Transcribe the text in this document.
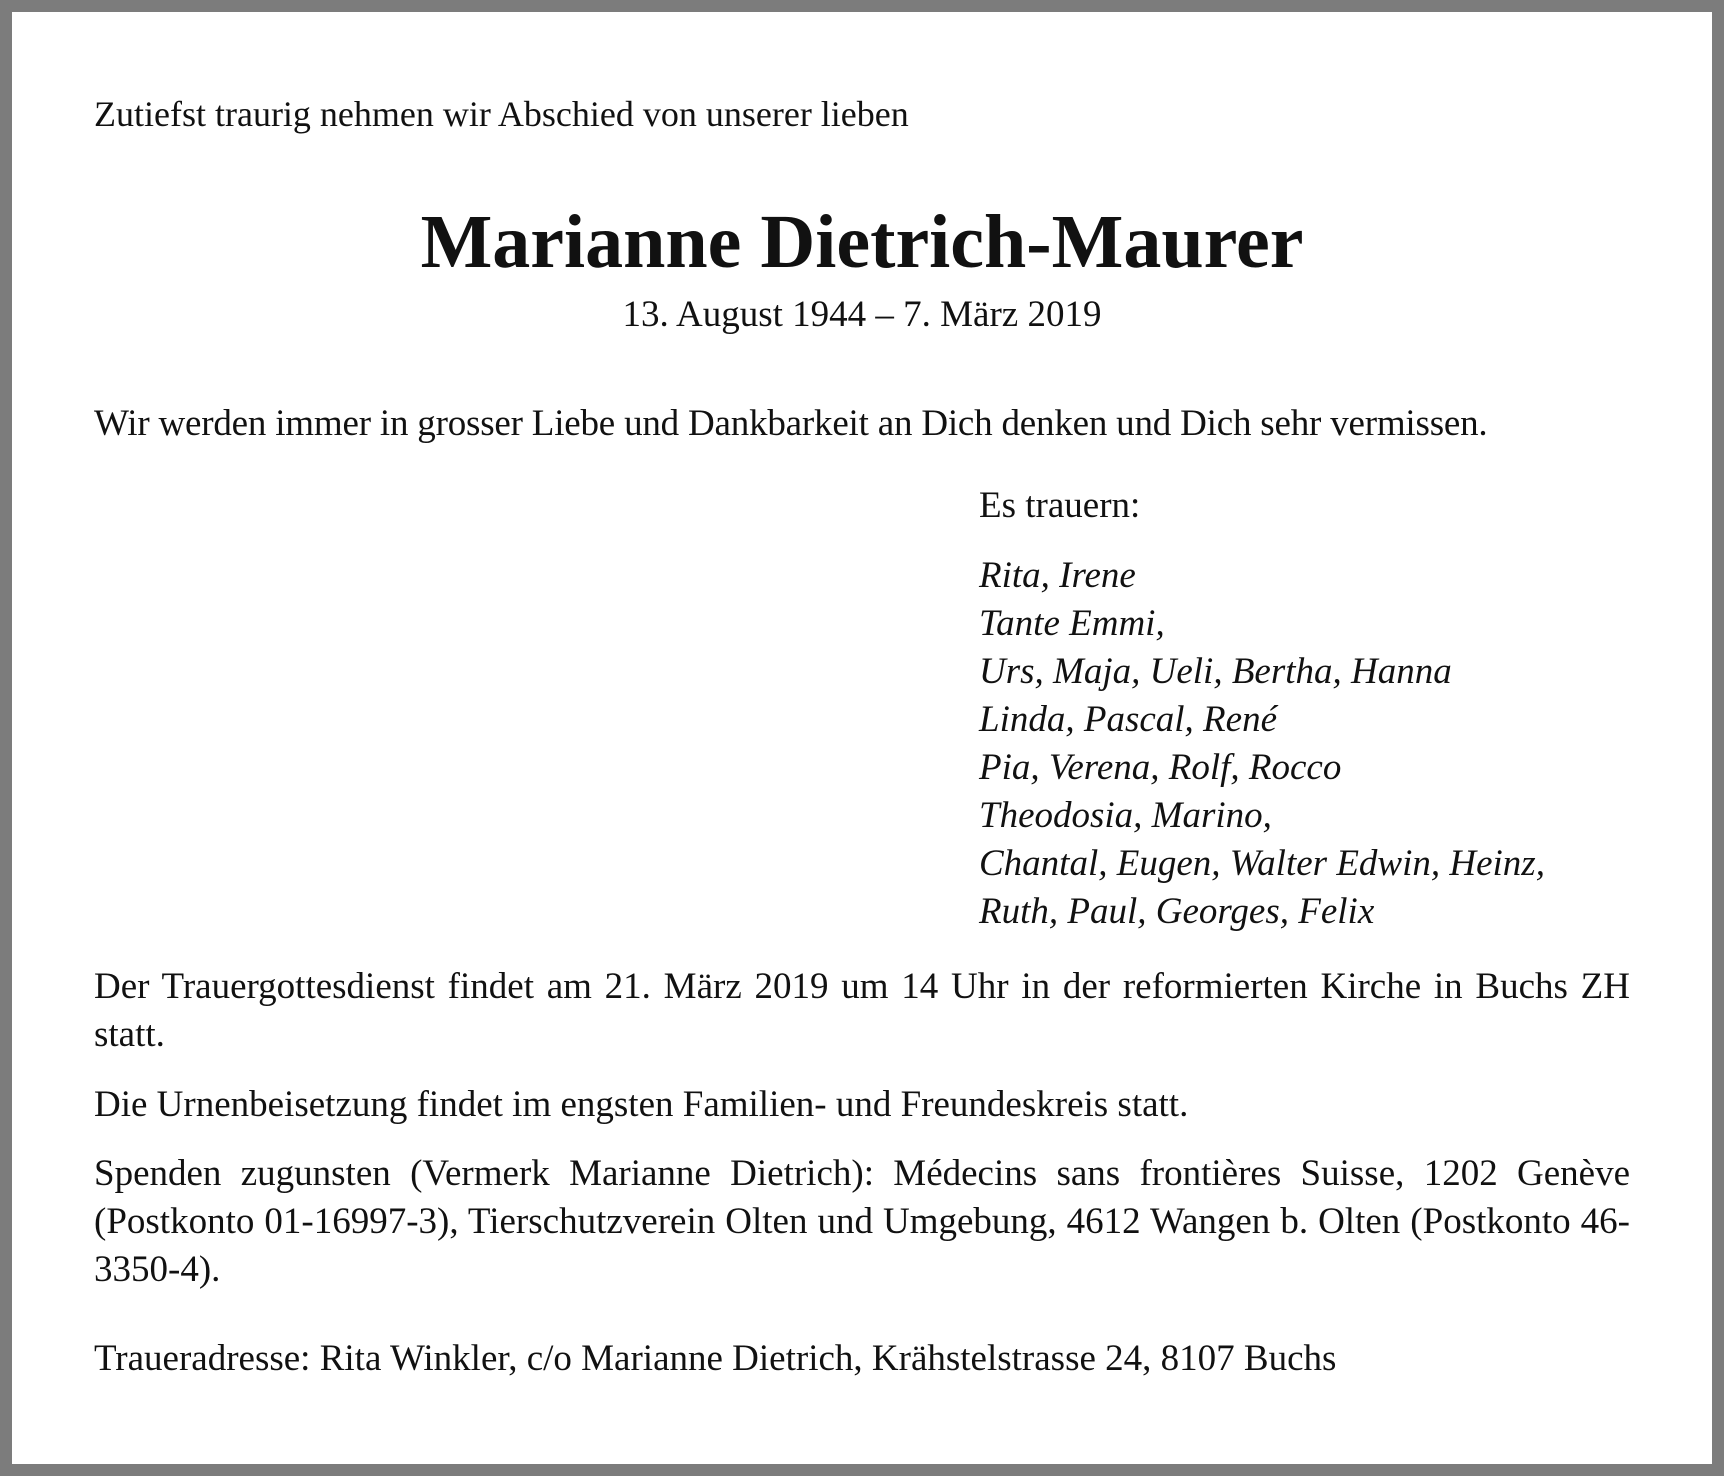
Zutiefst traurig nehmen wir Abschied von unserer lieben
Marianne Dietrich-Maurer
13. August 1944 – 7. März 2019
Wir werden immer in grosser Liebe und Dankbarkeit an Dich denken und Dich sehr vermissen.
Es trauern:
Rita, Irene
Tante Emmi,
Urs, Maja, Ueli, Bertha, Hanna
Linda, Pascal, René
Pia, Verena, Rolf, Rocco
Theodosia, Marino,
Chantal, Eugen, Walter Edwin, Heinz,
Ruth, Paul, Georges, Felix

Der Trauergottesdienst findet am 21. März 2019 um 14 Uhr in der reformierten Kirche in Buchs ZH statt.

Die Urnenbeisetzung findet im engsten Familien- und Freundeskreis statt.

Spenden zugunsten (Vermerk Marianne Dietrich): Médecins sans frontières Suisse, 1202 Genève (Postkonto 01-16997-3), Tierschutzverein Olten und Umgebung, 4612 Wangen b. Olten (Postkonto 46-3350-4).

Traueradresse: Rita Winkler, c/o Marianne Dietrich, Krähstelstrasse 24, 8107 Buchs
